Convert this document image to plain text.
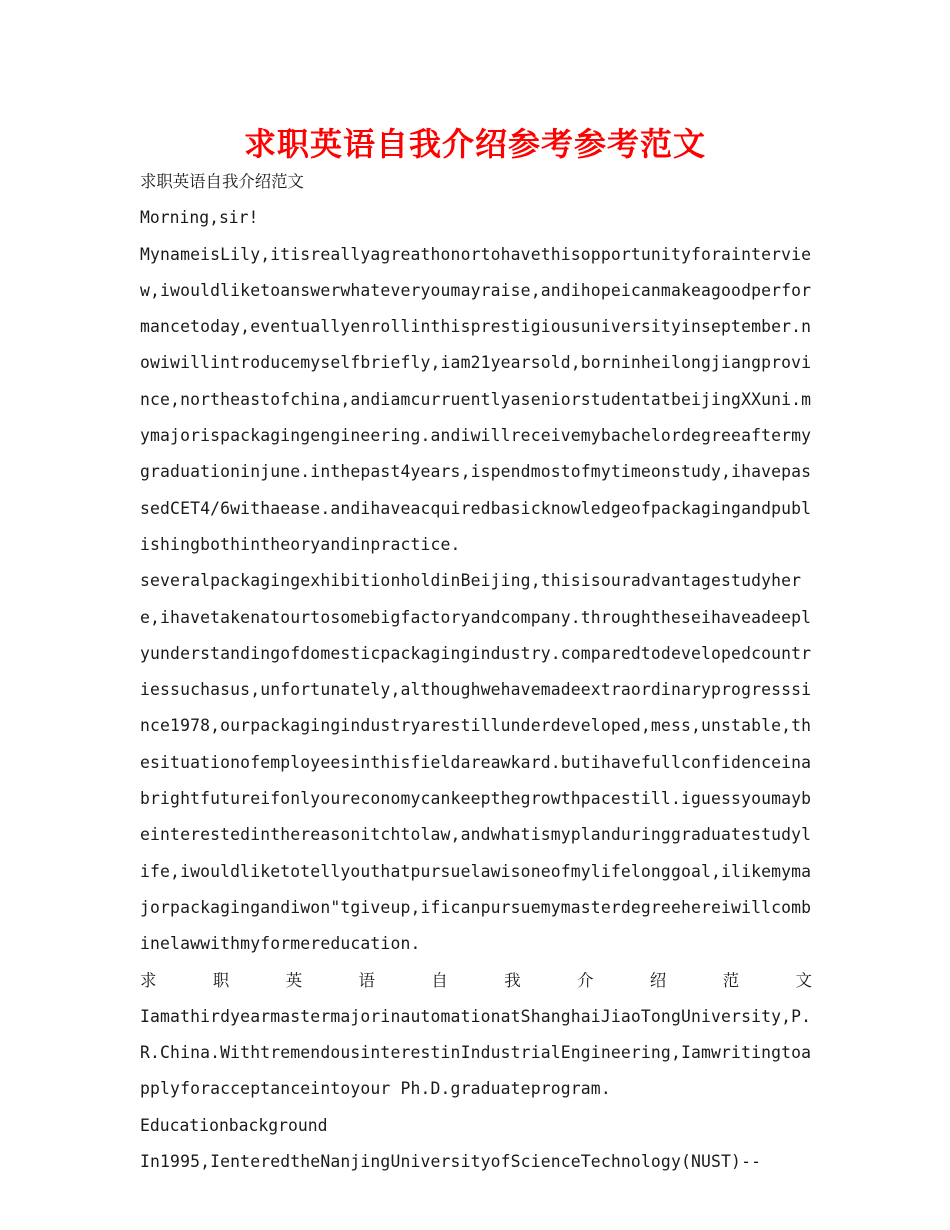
求职英语自我介绍参考参考范文

求职英语自我介绍范文

Morning,sir!

MynameisLily,itisreallyagreathonortohavethisopportunityforainterview,iwouldliketoanswerwhateveryoumayraise,andihopeicanmakeagoodperformancetoday,eventuallyenrollinthisprestigiousuniversityinseptember.nowiwillintroducemyselfbriefly,iam21yearsold,borninheilongjiangprovince,northeastofchina,andiamcurruentlyaseniorstudentatbeijingXXuni.mymajorispackagingengineering.andiwillreceivemybachelordegreeaftermygraduationinjune.inthepast4years,ispendmostofmytimeonstudy,ihavepassedCET4/6withaease.andihaveacquiredbasicknowledgeofpackagingandpublishingbothintheoryandinpractice.

severalpackagingexhibitionholdinBeijing,thisisouradvantagestudyhere,ihavetakenatourtosomebigfactoryandcompany.throughtheseihaveadeeplyunderstandingofdomesticpackagingindustry.comparedtodevelopedcountriessuchasus,unfortunately,althoughwehavemadeextraordinaryprogresssince1978,ourpackagingindustryarestillunderdeveloped,mess,unstable,thesituationofemployeesinthisfieldareawkard.butihavefullconfidenceinabrightfutureifonlyoureconomycankeepthegrowthpacestill.iguessyoumaybeinterestedinthereasonitchtolaw,andwhatismyplanduringgraduatestudylife,iwouldliketotellyouthatpursuelawisoneofmylifelonggoal,ilikemymajorpackagingandiwon"tgiveup,ificanpursuemymasterdegreehereiwillcombinelawwithmyformereducation.

求	职	英	语	自	我	介	绍	范	文

IamathirdyearmastermajorinautomationatShanghaiJiaoTongUniversity,P.R.China.WithtremendousinterestinIndustrialEngineering,Iamwritingtoapplyforacceptanceintoyour Ph.D.graduateprogram.

Educationbackground

In1995,IenteredtheNanjingUniversityofScienceTechnology(NUST)--
